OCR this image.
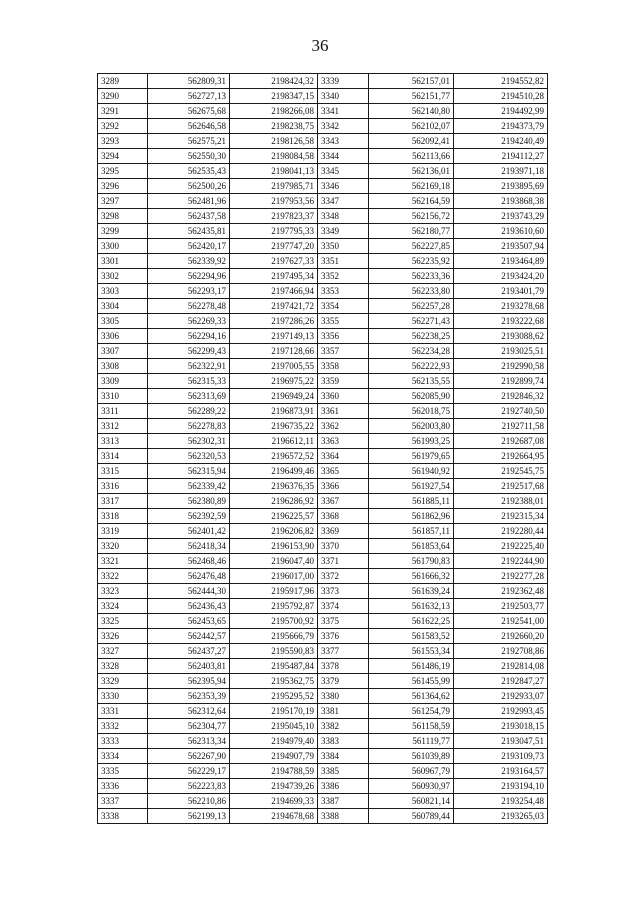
36
3289	562809,31	2198424,32	3339	562157,01	2194552,82
3290	562727,13	2198347,15	3340	562151,77	2194510,28
3291	562675,68	2198266,08	3341	562140,80	2194492,99
3292	562646,58	2198238,75	3342	562102,07	2194373,79
3293	562575,21	2198126,58	3343	562092,41	2194240,49
3294	562550,30	2198084,58	3344	562113,66	2194112,27
3295	562535,43	2198041,13	3345	562136,01	2193971,18
3296	562500,26	2197985,71	3346	562169,18	2193895,69
3297	562481,96	2197953,56	3347	562164,59	2193868,38
3298	562437,58	2197823,37	3348	562156,72	2193743,29
3299	562435,81	2197795,33	3349	562180,77	2193610,60
3300	562420,17	2197747,20	3350	562227,85	2193507,94
3301	562339,92	2197627,33	3351	562235,92	2193464,89
3302	562294,96	2197495,34	3352	562233,36	2193424,20
3303	562293,17	2197466,94	3353	562233,80	2193401,79
3304	562278,48	2197421,72	3354	562257,28	2193278,68
3305	562269,33	2197286,26	3355	562271,43	2193222,68
3306	562294,16	2197149,13	3356	562238,25	2193088,62
3307	562299,43	2197128,66	3357	562234,28	2193025,51
3308	562322,91	2197005,55	3358	562222,93	2192990,58
3309	562315,33	2196975,22	3359	562135,55	2192899,74
3310	562313,69	2196949,24	3360	562085,90	2192846,32
3311	562289,22	2196873,91	3361	562018,75	2192740,50
3312	562278,83	2196735,22	3362	562003,80	2192711,58
3313	562302,31	2196612,11	3363	561993,25	2192687,08
3314	562320,53	2196572,52	3364	561979,65	2192664,95
3315	562315,94	2196499,46	3365	561940,92	2192545,75
3316	562339,42	2196376,35	3366	561927,54	2192517,68
3317	562380,89	2196286,92	3367	561885,11	2192388,01
3318	562392,59	2196225,57	3368	561862,96	2192315,34
3319	562401,42	2196206,82	3369	561857,11	2192280,44
3320	562418,34	2196153,90	3370	561853,64	2192225,40
3321	562468,46	2196047,40	3371	561790,83	2192244,90
3322	562476,48	2196017,00	3372	561666,32	2192277,28
3323	562444,30	2195917,96	3373	561639,24	2192362,48
3324	562436,43	2195792,87	3374	561632,13	2192503,77
3325	562453,65	2195700,92	3375	561622,25	2192541,00
3326	562442,57	2195666,79	3376	561583,52	2192660,20
3327	562437,27	2195590,83	3377	561553,34	2192708,86
3328	562403,81	2195487,84	3378	561486,19	2192814,08
3329	562395,94	2195362,75	3379	561455,99	2192847,27
3330	562353,39	2195295,52	3380	561364,62	2192933,07
3331	562312,64	2195170,19	3381	561254,79	2192993,45
3332	562304,77	2195045,10	3382	561158,59	2193018,15
3333	562313,34	2194979,40	3383	561119,77	2193047,51
3334	562267,90	2194907,79	3384	561039,89	2193109,73
3335	562229,17	2194788,59	3385	560967,79	2193164,57
3336	562223,83	2194739,26	3386	560930,97	2193194,10
3337	562210,86	2194699,33	3387	560821,14	2193254,48
3338	562199,13	2194678,68	3388	560789,44	2193265,03
